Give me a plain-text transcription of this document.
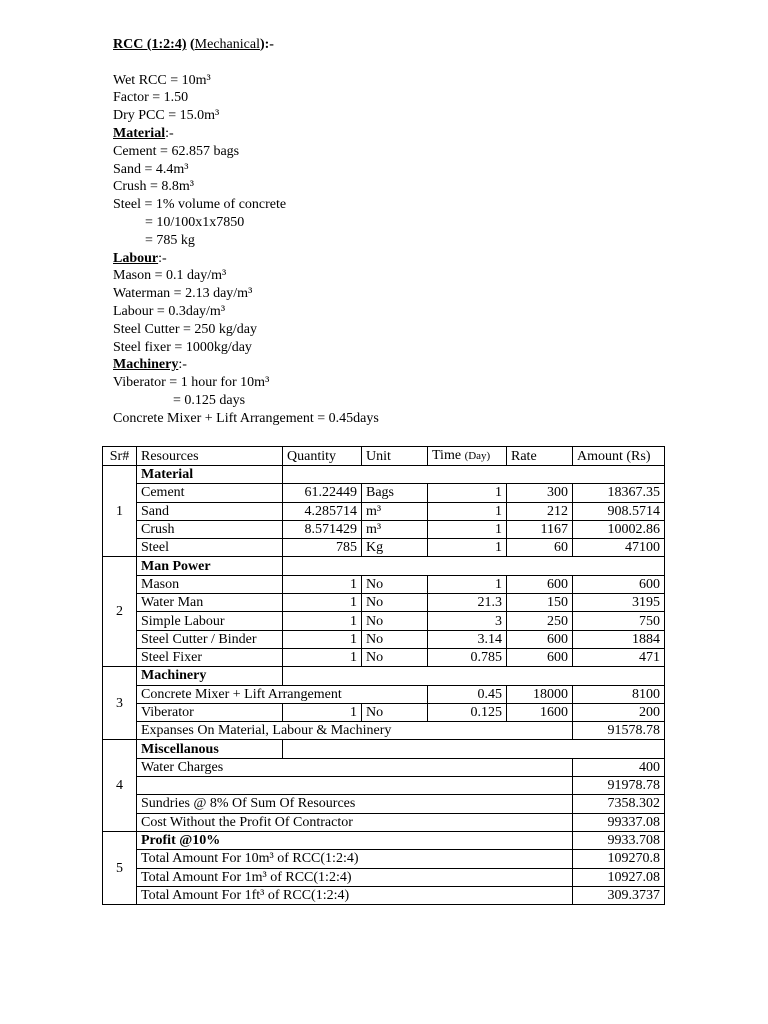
RCC (1:2:4) (Mechanical):-
Wet RCC = 10m³
Factor = 1.50
Dry PCC = 15.0m³
Material:-
Cement = 62.857 bags
Sand = 4.4m³
Crush = 8.8m³
Steel = 1% volume of concrete
= 10/100x1x7850
= 785 kg
Labour:-
Mason = 0.1 day/m³
Waterman = 2.13 day/m³
Labour = 0.3day/m³
Steel Cutter = 250 kg/day
Steel fixer = 1000kg/day
Machinery:-
Viberator = 1 hour for 10m³
= 0.125 days
Concrete Mixer + Lift Arrangement = 0.45days
Sr#	Resources	Quantity	Unit	Time (Day)	Rate	Amount (Rs)
1	Material					
	Cement	61.22449	Bags	1	300	18367.35
	Sand	4.285714	m³	1	212	908.5714
	Crush	8.571429	m³	1	1167	10002.86
	Steel	785	Kg	1	60	47100
2	Man Power					
	Mason	1	No	1	600	600
	Water Man	1	No	21.3	150	3195
	Simple Labour	1	No	3	250	750
	Steel Cutter / Binder	1	No	3.14	600	1884
	Steel Fixer	1	No	0.785	600	471
3	Machinery					
	Concrete Mixer + Lift Arrangement			0.45	18000	8100
	Viberator	1	No	0.125	1600	200
	Expanses On Material, Labour & Machinery					91578.78
4	Miscellanous					
	Water Charges					400
						91978.78
	Sundries @ 8% Of Sum Of Resources					7358.302
	Cost Without the Profit Of Contractor					99337.08
5	Profit @10%					9933.708
	Total Amount For 10m³ of RCC(1:2:4)					109270.8
	Total Amount For 1m³ of RCC(1:2:4)					10927.08
	Total Amount For 1ft³ of RCC(1:2:4)					309.3737
